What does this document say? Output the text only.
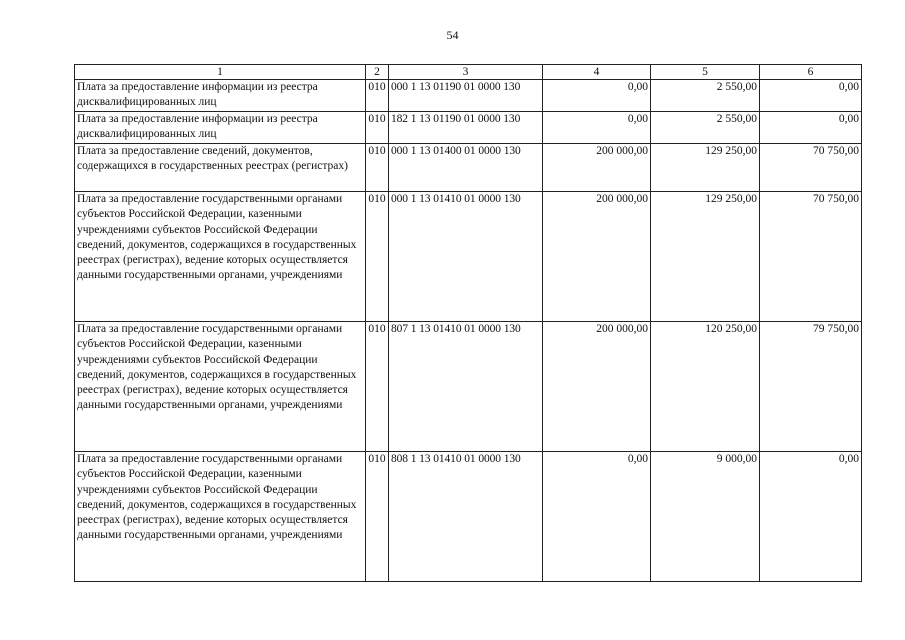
54
1	2	3	4	5	6
Плата за предоставление информации из реестра дисквалифицированных лиц	010	000 1 13 01190 01 0000 130	0,00	2 550,00	0,00
Плата за предоставление информации из реестра дисквалифицированных лиц	010	182 1 13 01190 01 0000 130	0,00	2 550,00	0,00
Плата за предоставление сведений, документов, содержащихся в государственных реестрах (регистрах)	010	000 1 13 01400 01 0000 130	200 000,00	129 250,00	70 750,00
Плата за предоставление государственными органами субъектов Российской Федерации, казенными учреждениями субъектов Российской Федерации сведений, документов, содержащихся в государственных реестрах (регистрах), ведение которых осуществляется данными государственными органами, учреждениями	010	000 1 13 01410 01 0000 130	200 000,00	129 250,00	70 750,00
Плата за предоставление государственными органами субъектов Российской Федерации, казенными учреждениями субъектов Российской Федерации сведений, документов, содержащихся в государственных реестрах (регистрах), ведение которых осуществляется данными государственными органами, учреждениями	010	807 1 13 01410 01 0000 130	200 000,00	120 250,00	79 750,00
Плата за предоставление государственными органами субъектов Российской Федерации, казенными учреждениями субъектов Российской Федерации сведений, документов, содержащихся в государственных реестрах (регистрах), ведение которых осуществляется данными государственными органами, учреждениями	010	808 1 13 01410 01 0000 130	0,00	9 000,00	0,00
